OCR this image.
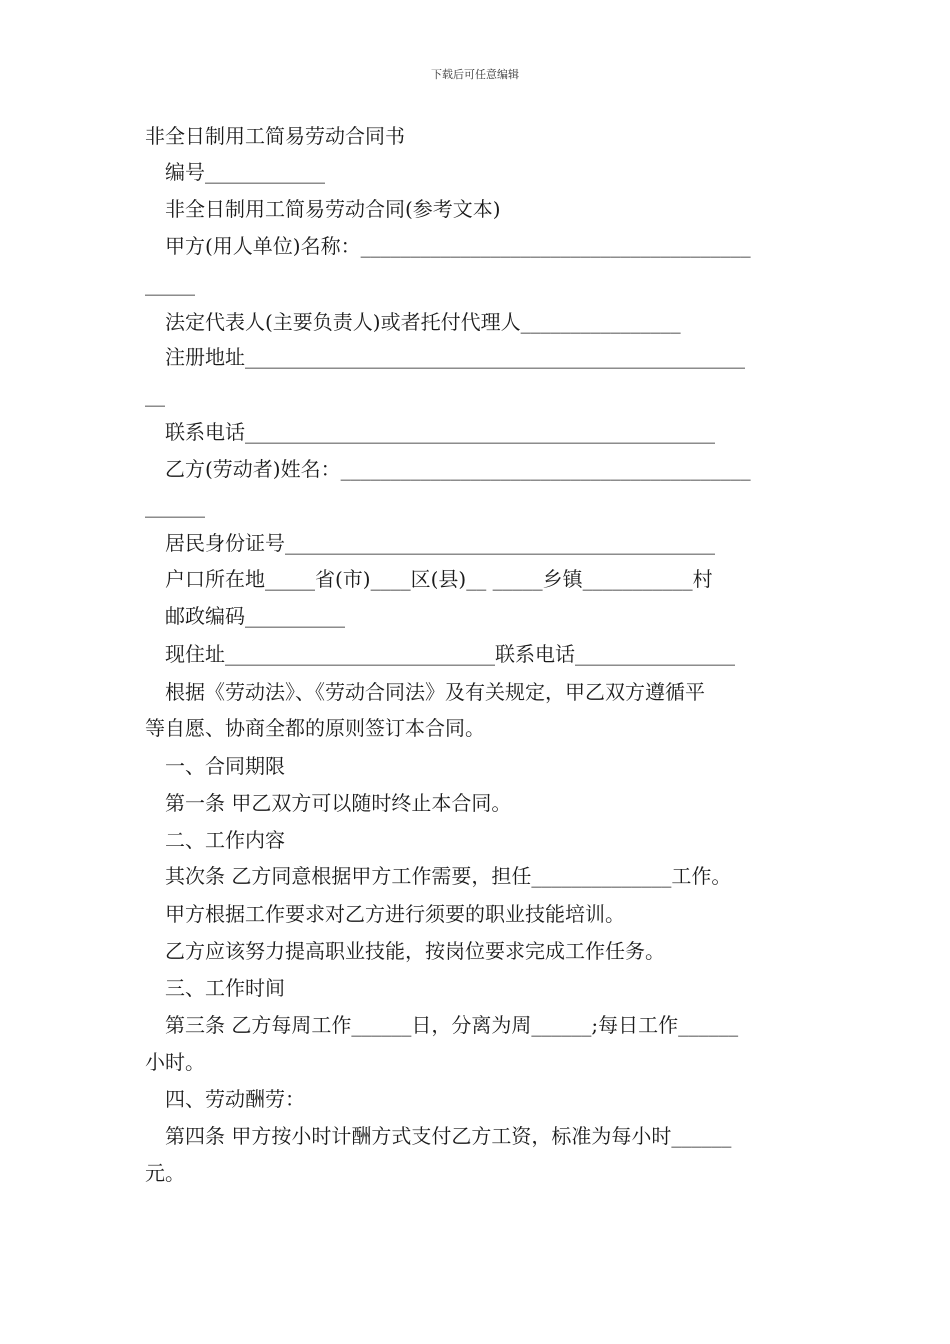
下载后可任意编辑
非全日制用工简易劳动合同书
编号____________
非全日制用工简易劳动合同(参考文本)
甲方(用人单位)名称：_______________________________________
_____
法定代表人(主要负责人)或者托付代理人________________
注册地址__________________________________________________
__
联系电话_______________________________________________
乙方(劳动者)姓名：_________________________________________
______
居民身份证号___________________________________________
户口所在地_____省(市)____区(县)__ _____乡镇___________村
邮政编码__________
现住址___________________________联系电话________________
根据《劳动法》、《劳动合同法》及有关规定，甲乙双方遵循平
等自愿、协商全都的原则签订本合同。
一、合同期限
第一条 甲乙双方可以随时终止本合同。
二、工作内容
其次条 乙方同意根据甲方工作需要，担任______________工作。
甲方根据工作要求对乙方进行须要的职业技能培训。
乙方应该努力提高职业技能，按岗位要求完成工作任务。
三、工作时间
第三条 乙方每周工作______日，分离为周______;每日工作______
小时。
四、劳动酬劳：
第四条 甲方按小时计酬方式支付乙方工资，标准为每小时______
元。
